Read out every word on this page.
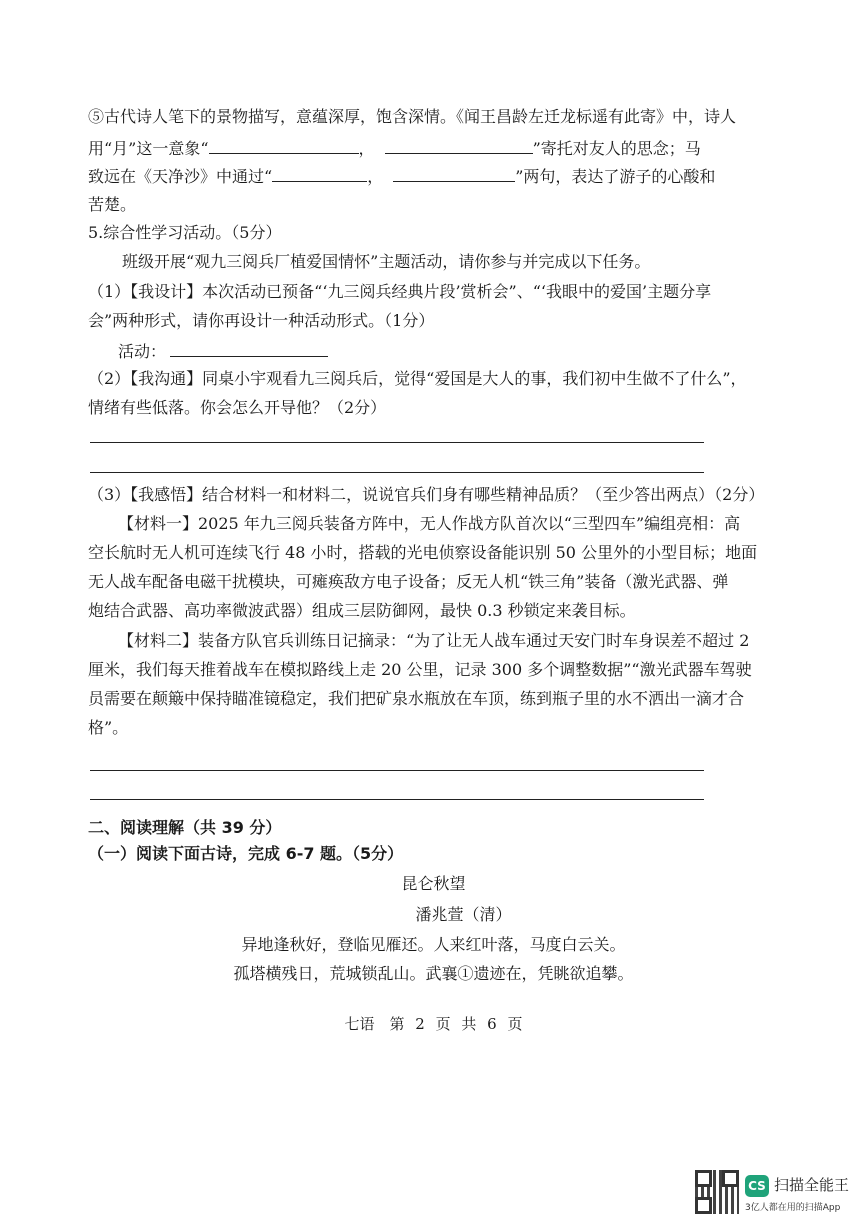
⑤古代诗人笔下的景物描写，意蕴深厚，饱含深情。《闻王昌龄左迁龙标遥有此寄》中，诗人
用“月”这一意象“	，	”寄托对友人的思念；马
致远在《天净沙》中通过“	，	”两句，表达了游子的心酸和
苦楚。
5.综合性学习活动。（5分）
班级开展“观九三阅兵厂植爱国情怀”主题活动，请你参与并完成以下任务。
（1）【我设计】本次活动已预备“‘九三阅兵经典片段’赏析会”、“‘我眼中的爱国’主题分享
会”两种形式，请你再设计一种活动形式。（1分）
活动：
（2）【我沟通】同桌小宇观看九三阅兵后，觉得“爱国是大人的事，我们初中生做不了什么”，
情绪有些低落。你会怎么开导他？（2分）
（3）【我感悟】结合材料一和材料二，说说官兵们身有哪些精神品质？（至少答出两点）（2分）
【材料一】2025 年九三阅兵装备方阵中，无人作战方队首次以“三型四车”编组亮相：高
空长航时无人机可连续飞行 48 小时，搭载的光电侦察设备能识别 50 公里外的小型目标；地面
无人战车配备电磁干扰模块，可瘫痪敌方电子设备；反无人机“铁三角”装备（激光武器、弹
炮结合武器、高功率微波武器）组成三层防御网，最快 0.3 秒锁定来袭目标。
【材料二】装备方队官兵训练日记摘录：“为了让无人战车通过天安门时车身误差不超过 2
厘米，我们每天推着战车在模拟路线上走 20 公里，记录 300 多个调整数据”“激光武器车驾驶
员需要在颠簸中保持瞄准镜稳定，我们把矿泉水瓶放在车顶，练到瓶子里的水不洒出一滴才合
格”。
二、阅读理解（共 39 分）
（一）阅读下面古诗，完成 6-7 题。（5分）
昆仑秋望
潘兆萱（清）
异地逢秋好，登临见雁还。人来红叶落，马度白云关。
孤塔横残日，荒城锁乱山。武襄①遗迹在，凭眺欲追攀。
七语　第 2 页 共 6 页
CS 扫描全能王
3亿人都在用的扫描App
